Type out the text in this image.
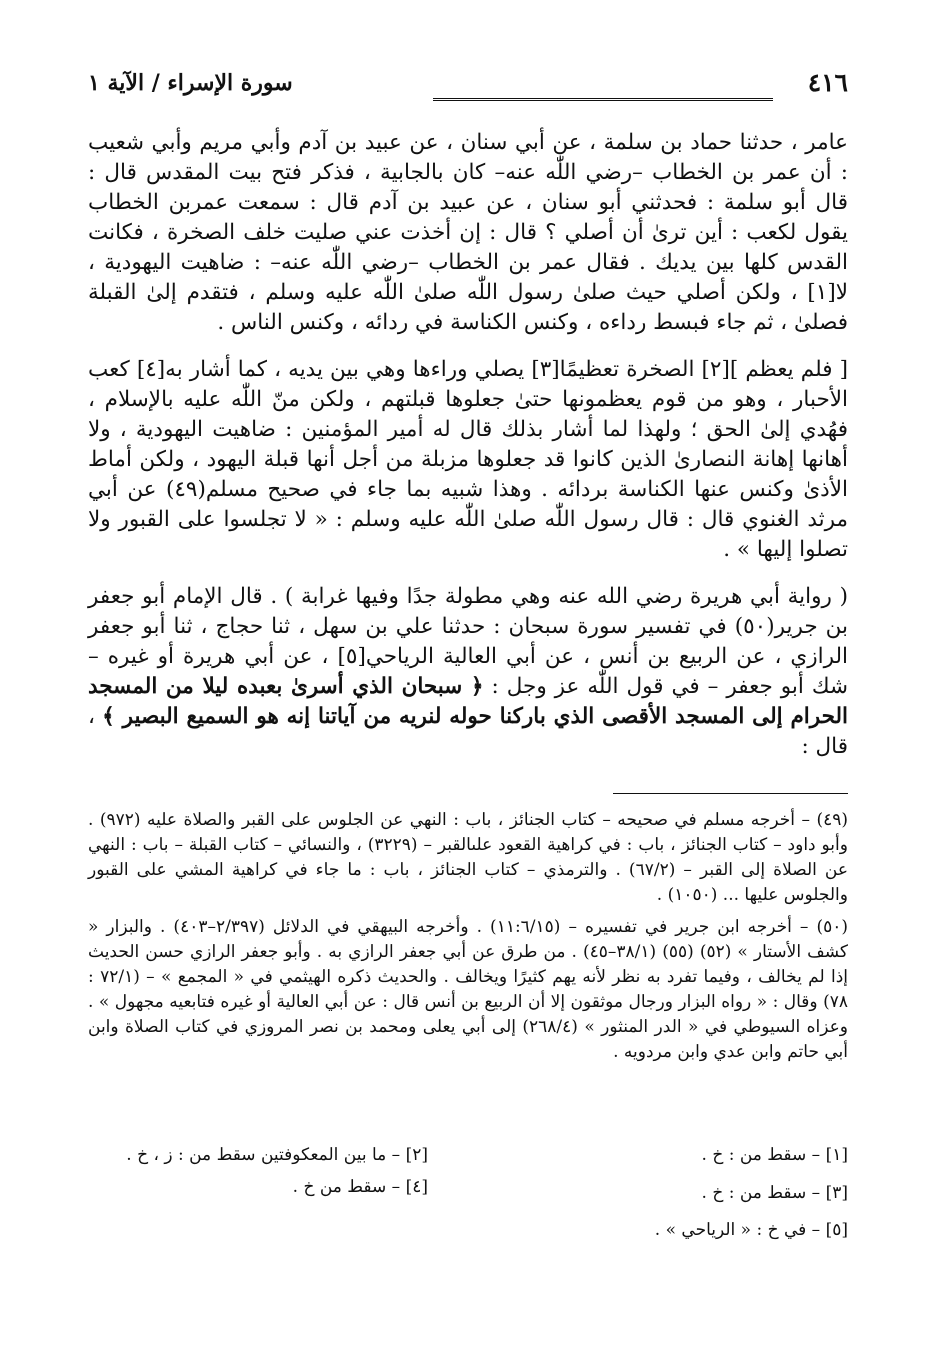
٤١٦
سورة الإسراء / الآية ١

عامر ، حدثنا حماد بن سلمة ، عن أبي سنان ، عن عبيد بن آدم وأبي مريم وأبي شعيب : أن عمر بن الخطاب –رضي اللّٰه عنه– كان بالجابية ، فذكر فتح بيت المقدس قال : قال أبو سلمة : فحدثني أبو سنان ، عن عبيد بن آدم قال : سمعت عمربن الخطاب يقول لكعب : أين ترىٰ أن أصلي ؟ قال : إن أخذت عني صليت خلف الصخرة ، فكانت القدس كلها بين يديك . فقال عمر بن الخطاب –رضي اللّٰه عنه– : ضاهيت اليهودية ، لا[١] ، ولكن أصلي حيث صلىٰ رسول اللّٰه صلىٰ اللّٰه عليه وسلم ، فتقدم إلىٰ القبلة فصلىٰ ، ثم جاء فبسط رداءه ، وكنس الكناسة في ردائه ، وكنس الناس .

[ فلم يعظم ][٢] الصخرة تعظيمًا[٣] يصلي وراءها وهي بين يديه ، كما أشار به[٤] كعب الأحبار ، وهو من قوم يعظمونها حتىٰ جعلوها قبلتهم ، ولكن منّ اللّٰه عليه بالإسلام ، فهُدي إلىٰ الحق ؛ ولهذا لما أشار بذلك قال له أمير المؤمنين : ضاهيت اليهودية ، ولا أهانها إهانة النصارىٰ الذين كانوا قد جعلوها مزبلة من أجل أنها قبلة اليهود ، ولكن أماط الأذىٰ وكنس عنها الكناسة بردائه . وهذا شبيه بما جاء في صحيح مسلم(٤٩) عن أبي مرثد الغنوي قال : قال رسول اللّٰه صلىٰ اللّٰه عليه وسلم : « لا تجلسوا على القبور ولا تصلوا إليها » .

( رواية أبي هريرة رضي الله عنه وهي مطولة جدًا وفيها غرابة ) . قال الإمام أبو جعفر بن جرير(٥٠) في تفسير سورة سبحان : حدثنا علي بن سهل ، ثنا حجاج ، ثنا أبو جعفر الرازي ، عن الربيع بن أنس ، عن أبي العالية الرياحي[٥] ، عن أبي هريرة أو غيره – شك أبو جعفر – في قول اللّٰه عز وجل : ﴿ سبحان الذي أسرىٰ بعبده ليلا من المسجد الحرام إلى المسجد الأقصى الذي باركنا حوله لنريه من آياتنا إنه هو السميع البصير ﴾ ، قال :

(٤٩) – أخرجه مسلم في صحيحه – كتاب الجنائز ، باب : النهي عن الجلوس على القبر والصلاة عليه (٩٧٢) . وأبو داود – كتاب الجنائز ، باب : في كراهية القعود علىالقبر – (٣٢٢٩) ، والنسائي – كتاب القبلة – باب : النهي عن الصلاة إلى القبر – (٦٧/٢) . والترمذي – كتاب الجنائز ، باب : ما جاء في كراهية المشي على القبور والجلوس عليها ... (١٠٥٠) .

(٥٠) – أخرجه ابن جرير في تفسيره – (١١:٦/١٥) . وأخرجه البيهقي في الدلائل (٢/٣٩٧–٤٠٣) . والبزار « كشف الأستار » (٥٢) (٥٥) (٣٨/١–٤٥) . من طرق عن أبي جعفر الرازي به . وأبو جعفر الرازي حسن الحديث إذا لم يخالف ، وفيما تفرد به نظر لأنه يهم كثيرًا ويخالف . والحديث ذكره الهيثمي في « المجمع » – (٧٢/١ : ٧٨) وقال : « رواه البزار ورجال موثقون إلا أن الربيع بن أنس قال : عن أبي العالية أو غيره فتابعيه مجهول » . وعزاه السيوطي في « الدر المنثور » (٢٦٨/٤) إلى أبي يعلى ومحمد بن نصر المروزي في كتاب الصلاة وابن أبي حاتم وابن عدي وابن مردويه .

[١] – سقط من : خ .
[٢] – ما بين المعكوفتين سقط من : ز ، خ .
[٣] – سقط من : خ .
[٤] – سقط من خ .
[٥] – في خ : « الرياحي » .
